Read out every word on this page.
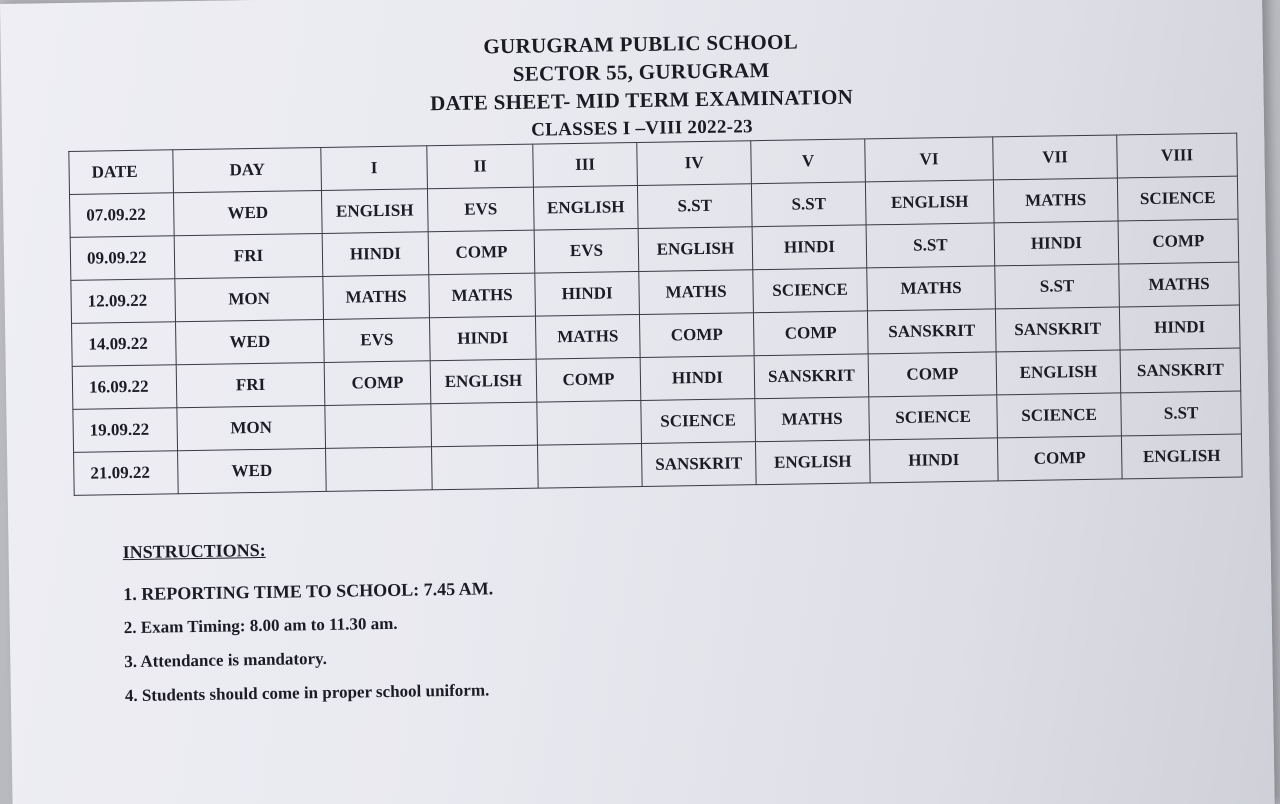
GURUGRAM PUBLIC SCHOOL
SECTOR 55, GURUGRAM
DATE SHEET- MID TERM EXAMINATION
CLASSES I –VIII 2022-23
DATE	DAY	I	II	III	IV	V	VI	VII	VIII
07.09.22	WED	ENGLISH	EVS	ENGLISH	S.ST	S.ST	ENGLISH	MATHS	SCIENCE
09.09.22	FRI	HINDI	COMP	EVS	ENGLISH	HINDI	S.ST	HINDI	COMP
12.09.22	MON	MATHS	MATHS	HINDI	MATHS	SCIENCE	MATHS	S.ST	MATHS
14.09.22	WED	EVS	HINDI	MATHS	COMP	COMP	SANSKRIT	SANSKRIT	HINDI
16.09.22	FRI	COMP	ENGLISH	COMP	HINDI	SANSKRIT	COMP	ENGLISH	SANSKRIT
19.09.22	MON				SCIENCE	MATHS	SCIENCE	SCIENCE	S.ST
21.09.22	WED				SANSKRIT	ENGLISH	HINDI	COMP	ENGLISH
INSTRUCTIONS:
1. REPORTING TIME TO SCHOOL: 7.45 AM.
2. Exam Timing: 8.00 am to 11.30 am.
3. Attendance is mandatory.
4. Students should come in proper school uniform.
